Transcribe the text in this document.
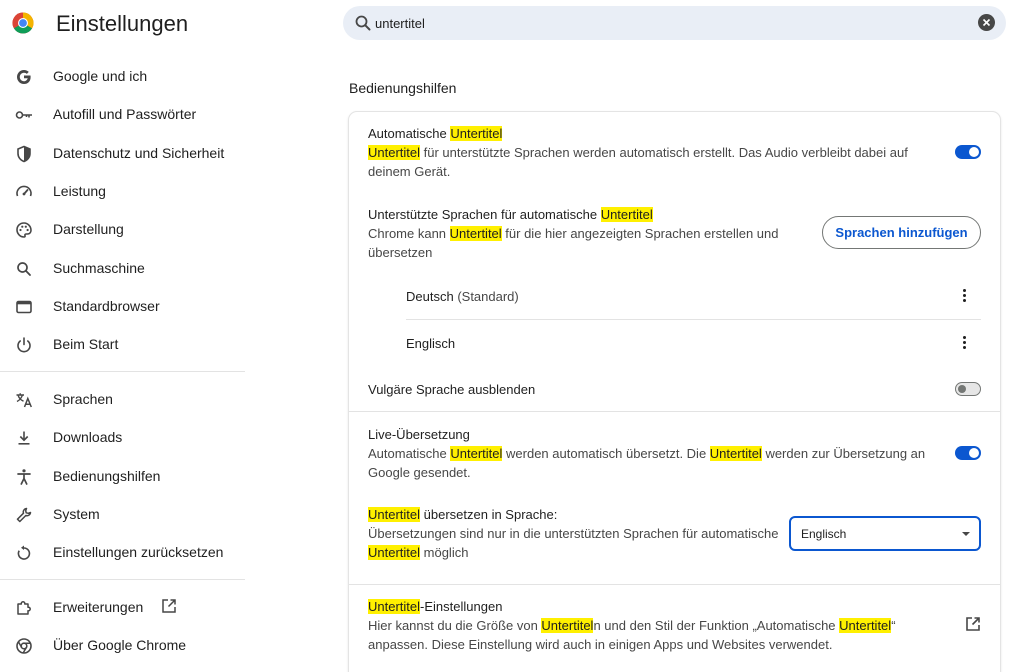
Einstellungen
untertitel
Google und ich
Autofill und Passwörter
Datenschutz und Sicherheit
Leistung
Darstellung
Suchmaschine
Standardbrowser
Beim Start
Sprachen
Downloads
Bedienungshilfen
System
Einstellungen zurücksetzen
Erweiterungen
Über Google Chrome
Bedienungshilfen
Automatische Untertitel
Untertitel für unterstützte Sprachen werden automatisch erstellt. Das Audio verbleibt dabei auf deinem Gerät.
Unterstützte Sprachen für automatische Untertitel
Chrome kann Untertitel für die hier angezeigten Sprachen erstellen und übersetzen
Sprachen hinzufügen
Deutsch (Standard)
Englisch
Vulgäre Sprache ausblenden
Live-Übersetzung
Automatische Untertitel werden automatisch übersetzt. Die Untertitel werden zur Übersetzung an Google gesendet.
Untertitel übersetzen in Sprache:
Übersetzungen sind nur in die unterstützten Sprachen für automatische Untertitel möglich
Englisch
Untertitel-Einstellungen
Hier kannst du die Größe von Untertiteln und den Stil der Funktion „Automatische Untertitel“ anpassen. Diese Einstellung wird auch in einigen Apps und Websites verwendet.
